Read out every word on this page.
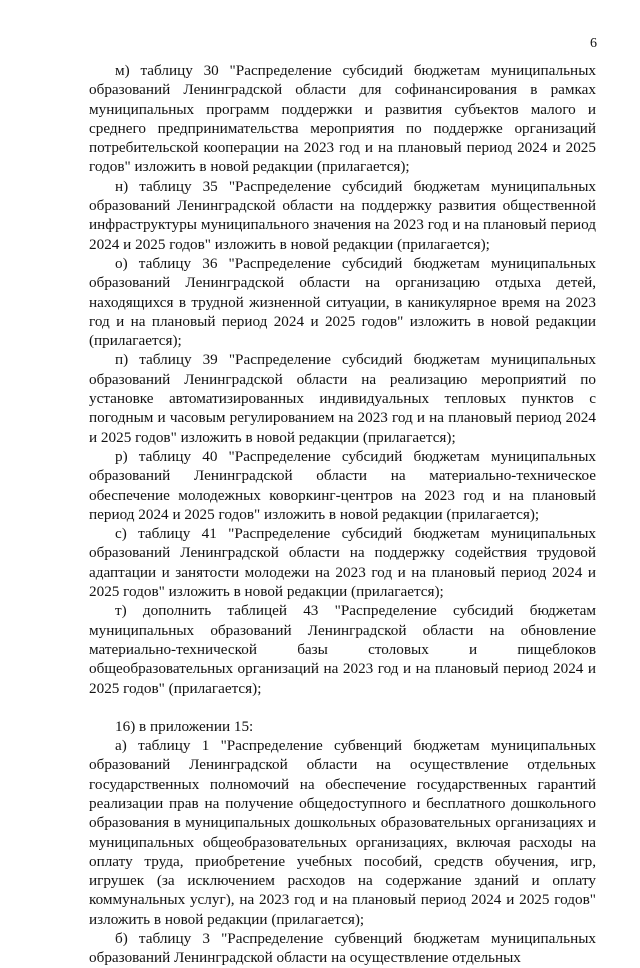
6

м) таблицу 30 "Распределение субсидий бюджетам муниципальных образований Ленинградской области для софинансирования в рамках муниципальных программ поддержки и развития субъектов малого и среднего предпринимательства мероприятия по поддержке организаций потребительской кооперации на 2023 год и на плановый период 2024 и 2025 годов" изложить в новой редакции (прилагается);

н) таблицу 35 "Распределение субсидий бюджетам муниципальных образований Ленинградской области на поддержку развития общественной инфраструктуры муниципального значения на 2023 год и на плановый период 2024 и 2025 годов" изложить в новой редакции (прилагается);

о) таблицу 36 "Распределение субсидий бюджетам муниципальных образований Ленинградской области на организацию отдыха детей, находящихся в трудной жизненной ситуации, в каникулярное время на 2023 год и на плановый период 2024 и 2025 годов" изложить в новой редакции (прилагается);

п) таблицу 39 "Распределение субсидий бюджетам муниципальных образований Ленинградской области на реализацию мероприятий по установке автоматизированных индивидуальных тепловых пунктов с погодным и часовым регулированием на 2023 год и на плановый период 2024 и 2025 годов" изложить в новой редакции (прилагается);

р) таблицу 40 "Распределение субсидий бюджетам муниципальных образований Ленинградской области на материально-техническое обеспечение молодежных коворкинг-центров на 2023 год и на плановый период 2024 и 2025 годов" изложить в новой редакции (прилагается);

с) таблицу 41 "Распределение субсидий бюджетам муниципальных образований Ленинградской области на поддержку содействия трудовой адаптации и занятости молодежи на 2023 год и на плановый период 2024 и 2025 годов" изложить в новой редакции (прилагается);

т) дополнить таблицей 43 "Распределение субсидий бюджетам муниципальных образований Ленинградской области на обновление материально-технической базы столовых и пищеблоков общеобразовательных организаций на 2023 год и на плановый период 2024 и 2025 годов" (прилагается);

16) в приложении 15:

а) таблицу 1 "Распределение субвенций бюджетам муниципальных образований Ленинградской области на осуществление отдельных государственных полномочий на обеспечение государственных гарантий реализации прав на получение общедоступного и бесплатного дошкольного образования в муниципальных дошкольных образовательных организациях и муниципальных общеобразовательных организациях, включая расходы на оплату труда, приобретение учебных пособий, средств обучения, игр, игрушек (за исключением расходов на содержание зданий и оплату коммунальных услуг), на 2023 год и на плановый период 2024 и 2025 годов" изложить в новой редакции (прилагается);

б) таблицу 3 "Распределение субвенций бюджетам муниципальных образований Ленинградской области на осуществление отдельных
